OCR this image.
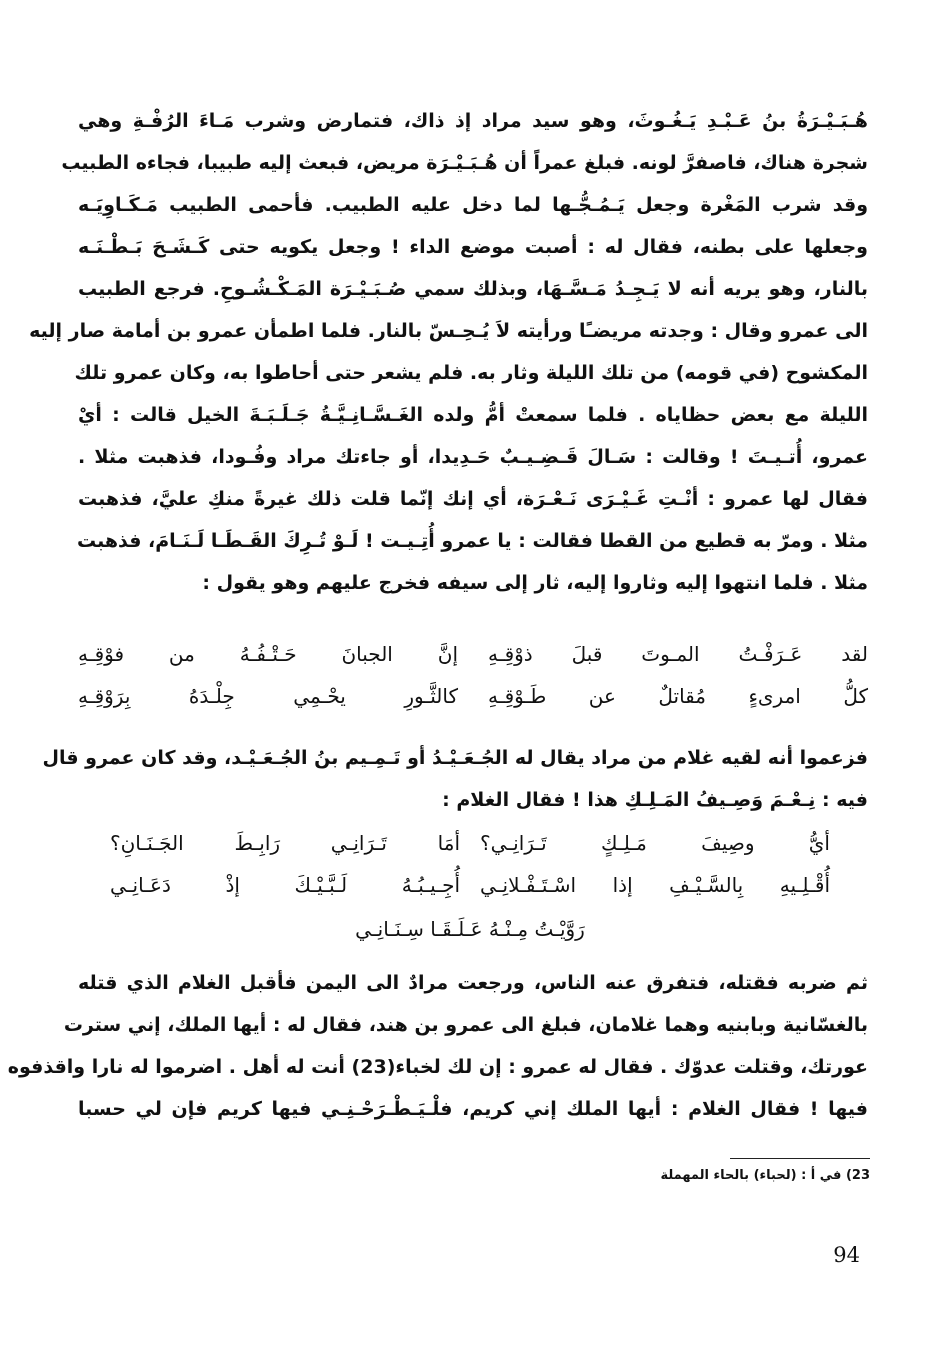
هُـبَـيْـرَةُ بنُ عَـبْـدِ يَـغُـوثَ، وهو سيد مراد إذ ذاك، فتمارض وشرب مَـاءَ الرُفْـةِ وهي
شجرة هناك، فاصفرَّ لونه. فبلغ عمراً أن هُـبَـيْـرَة مريض، فبعث إليه طبيبا، فجاءه الطبيب
وقد شرب المَغْرة وجعل يَـمُـجُّـها لما دخل عليه الطبيب. فأحمى الطبيب مَـكَـاوِيَـه
وجعلها على بطنه، فقال له : أصبت موضع الداء ! وجعل يكويه حتى كَـشَـحَ بَـطْـنَـه
بالنار، وهو يريه أنه لا يَـجِـدُ مَـسَّـهَا، وبذلك سمي صُـبَـيْـرَة المَـكْـشُـوحِ. فرجع الطبيب
الى عمرو وقال : وجدته مريضـًا ورأيته لاَ يُـحِـسّ بالنار. فلما اطمأن عمرو بن أمامة صار إليه
المكشوح (في قومه) من تلك الليلة وثار به. فلم يشعر حتى أحاطوا به، وكان عمرو تلك
الليلة مع بعض حظاياه . فلما سمعتْ أمُّ ولده الغَـسَّـانِـيَّـةُ جَـلَـبَـةَ الخيل قالت : أيْ
عمرو، أُتـيـتَ ! وقالت : سَـالَ قَـضِـيـبٌ حَـدِيدا، أو جاءتك مراد وفُـودا، فذهبت مثلا .
فقال لها عمرو : أنْـتِ غَـيْـرَى نَـعْـرَة، أي إنك إنّما قلت ذلك غيرةً منكِ عليَّ، فذهبت
مثلا . ومرّ به قطيع من القطا فقالت : يا عمرو أُتِـيـت ! لَـوْ تُـرِكَ القَـطَـا لَـنَـامَ، فذهبت
مثلا . فلما انتهوا إليه وثاروا إليه، ثار إلى سيفه فخرج عليهم وهو يقول :
لقد عَـرَفْـتُ المـوتَ قبلَ ذوْقِـهِ
إنَّ الجبانَ حَـتْـفُـهُ من فوْقِـهِ
كلُّ امرىءٍ مُقاتلٌ عن طَـوْقِـهِ
كالثَّـورِ يحْـمِي جِلْـدَهُ بِرَوْقِـهِ
فزعموا أنه لقيه غلام من مراد يقال له الجُـعَـيْـدُ أو تَـمِـيم بنُ الجُـعَـيْـد، وقد كان عمرو قال
فيه : نِـعْـمَ وَصِـيفُ المَـلِـكِ هذا ! فقال الغلام :
أيُّ وصِيفَ مَـلِـكٍ تَـرَانِـي؟
أمَا تَـرَانِـي رَابِـطَ الجَـنَـانِ؟
أُقْـلِـيهِ بِالسَّـيْـفِ إذا اسْـتَـفْـلانِـي
أُجِـيـبُـهُ لَـبَّـيْـكَ إذْ دَعَـانِـي
رَوَّيْـتُ مِـنْـهُ عَـلَـقَـا سِـنَـانِـي
ثم ضربه فقتله، فتفرق عنه الناس، ورجعت مرادٌ الى اليمن فأقبل الغلام الذي قتله
بالغسّانية وبابنيه وهما غلامان، فبلغ الى عمرو بن هند، فقال له : أيها الملك، إني سترت
عورتك، وقتلت عدوّك . فقال له عمرو : إن لك لخباء(23) أنت له أهل . اضرموا له نارا واقذفوه
فيها ! فقال الغلام : أيها الملك إني كريم، فلْـيَـطْـرَحْـنِـي فيها كريم فإن لي حسبا
23) في أ : (لحباء) بالحاء المهملة
94
